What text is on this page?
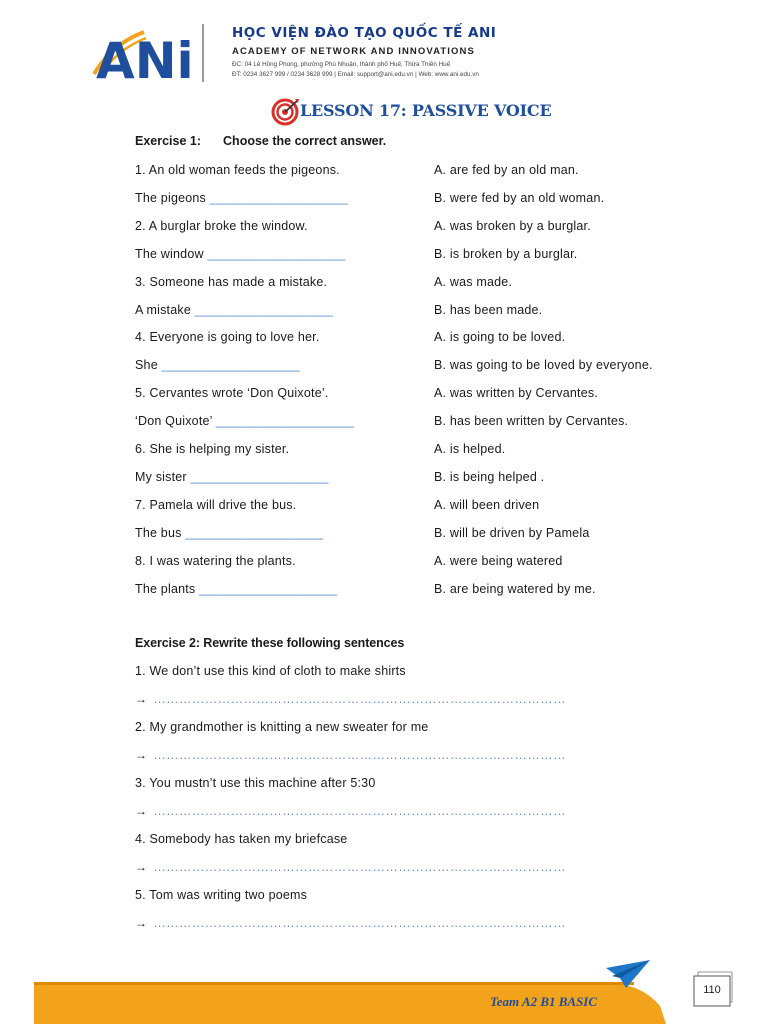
ANi	HỌC VIỆN ĐÀO TẠO QUỐC TẾ ANI
ACADEMY OF NETWORK AND INNOVATIONS
ĐC: 04 Lê Hồng Phong, phường Phú Nhuận, thành phố Huế, Thừa Thiên Huế
ĐT: 0234 3627 999 / 0234 3628 999 | Email: support@ani.edu.vn | Web: www.ani.edu.vn
LESSON 17: PASSIVE VOICE
Exercise 1: Choose the correct answer.
1. An old woman feeds the pigeons.	A. are fed by an old man.
The pigeons _____________________	B. were fed by an old woman.
2. A burglar broke the window.	A. was broken by a burglar.
The window _____________________	B. is broken by a burglar.
3. Someone has made a mistake.	A. was made.
A mistake _____________________	B. has been made.
4. Everyone is going to love her.	A. is going to be loved.
She _____________________	B. was going to be loved by everyone.
5. Cervantes wrote ‘Don Quixote’.	A. was written by Cervantes.
‘Don Quixote’ _____________________	B. has been written by Cervantes.
6. She is helping my sister.	A. is helped.
My sister _____________________	B. is being helped .
7. Pamela will drive the bus.	A. will been driven
The bus _____________________	B. will be driven by Pamela
8. I was watering the plants.	A. were being watered
The plants _____________________	B. are being watered by me.
Exercise 2: Rewrite these following sentences
1. We don’t use this kind of cloth to make shirts
→ ……………………………………………………………………………………
2. My grandmother is knitting a new sweater for me
→ ……………………………………………………………………………………
3. You mustn’t use this machine after 5:30
→ ……………………………………………………………………………………
4. Somebody has taken my briefcase
→ ……………………………………………………………………………………
5. Tom was writing two poems
→ ……………………………………………………………………………………
Team A2 B1 BASIC
110
